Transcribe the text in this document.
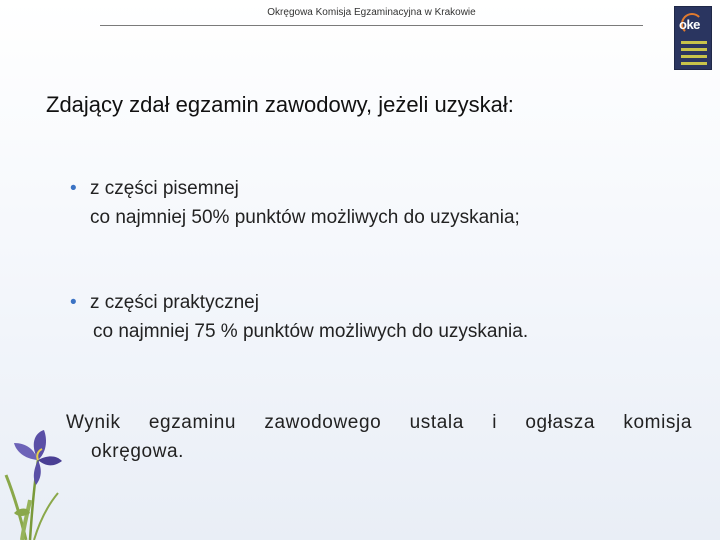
Okręgowa Komisja Egzaminacyjna w Krakowie
oke
Zdający zdał egzamin zawodowy, jeżeli uzyskał:
• z części pisemnej
co najmniej 50% punktów możliwych do uzyskania;
• z części praktycznej
co najmniej 75 % punktów możliwych do uzyskania.
Wynik egzaminu zawodowego ustala i ogłasza komisja
okręgowa.
